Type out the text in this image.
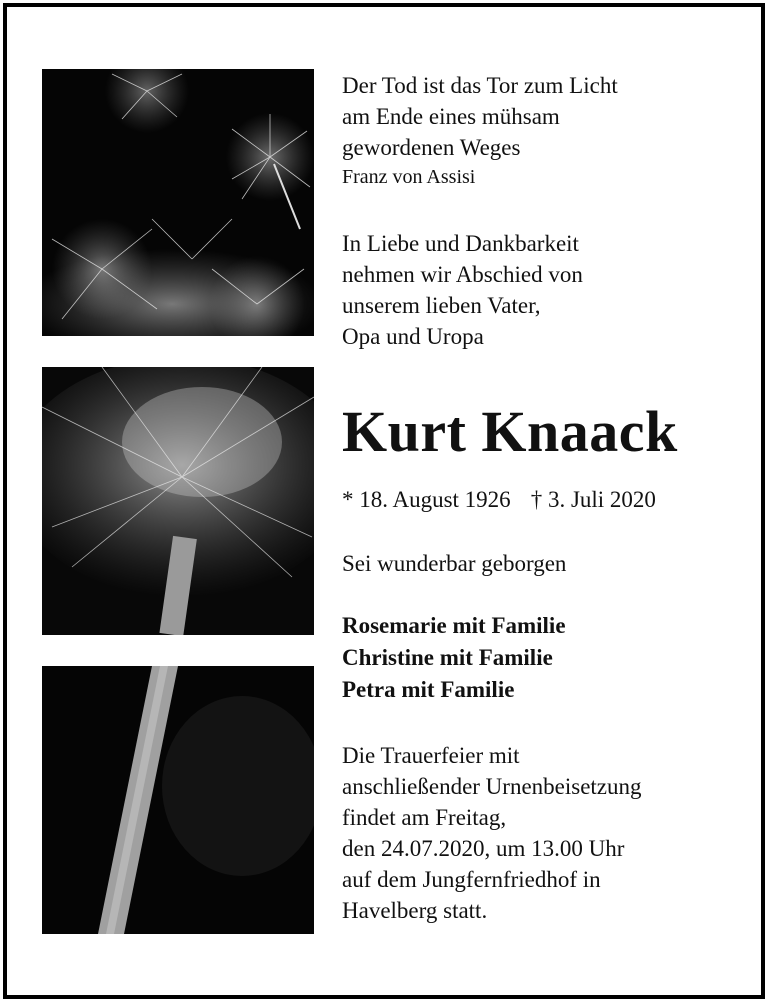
Der Tod ist das Tor zum Licht
am Ende eines mühsam
gewordenen Weges
Franz von Assisi
In Liebe und Dankbarkeit
nehmen wir Abschied von
unserem lieben Vater,
Opa und Uropa
Kurt Knaack
* 18. August 1926 † 3. Juli 2020
Sei wunderbar geborgen
Rosemarie mit Familie
Christine mit Familie
Petra mit Familie
Die Trauerfeier mit
anschließender Urnenbeisetzung
findet am Freitag,
den 24.07.2020, um 13.00 Uhr
auf dem Jungfernfriedhof in
Havelberg statt.
